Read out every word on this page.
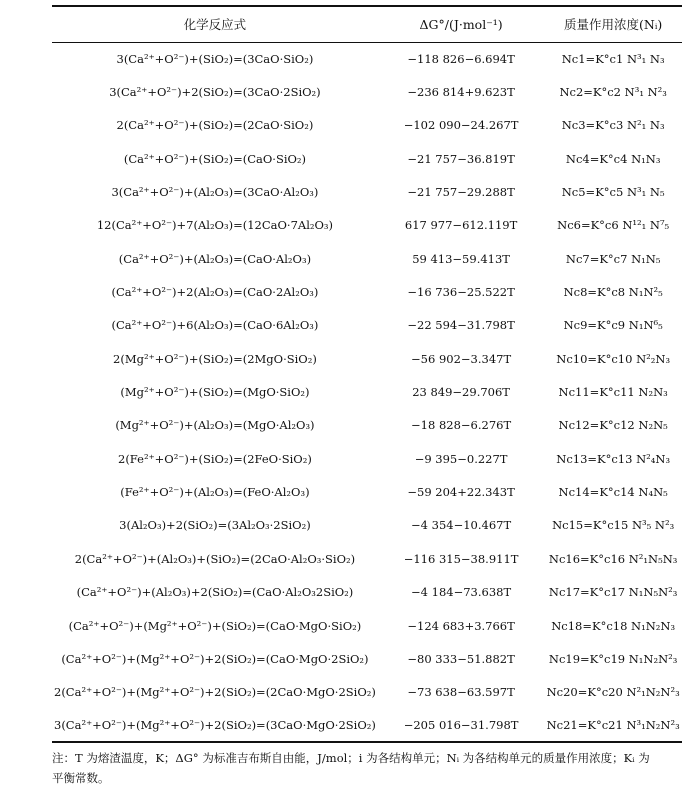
化学反应式	ΔG°/(J·mol⁻¹)	质量作用浓度(Nᵢ)
3(Ca²⁺+O²⁻)+(SiO₂)=(3CaO·SiO₂)	−118 826−6.694T	Nc1=K°c1 N³₁ N₃
3(Ca²⁺+O²⁻)+2(SiO₂)=(3CaO·2SiO₂)	−236 814+9.623T	Nc2=K°c2 N³₁ N²₃
2(Ca²⁺+O²⁻)+(SiO₂)=(2CaO·SiO₂)	−102 090−24.267T	Nc3=K°c3 N²₁ N₃
(Ca²⁺+O²⁻)+(SiO₂)=(CaO·SiO₂)	−21 757−36.819T	Nc4=K°c4 N₁N₃
3(Ca²⁺+O²⁻)+(Al₂O₃)=(3CaO·Al₂O₃)	−21 757−29.288T	Nc5=K°c5 N³₁ N₅
12(Ca²⁺+O²⁻)+7(Al₂O₃)=(12CaO·7Al₂O₃)	617 977−612.119T	Nc6=K°c6 N¹²₁ N⁷₅
(Ca²⁺+O²⁻)+(Al₂O₃)=(CaO·Al₂O₃)	59 413−59.413T	Nc7=K°c7 N₁N₅
(Ca²⁺+O²⁻)+2(Al₂O₃)=(CaO·2Al₂O₃)	−16 736−25.522T	Nc8=K°c8 N₁N²₅
(Ca²⁺+O²⁻)+6(Al₂O₃)=(CaO·6Al₂O₃)	−22 594−31.798T	Nc9=K°c9 N₁N⁶₅
2(Mg²⁺+O²⁻)+(SiO₂)=(2MgO·SiO₂)	−56 902−3.347T	Nc10=K°c10 N²₂N₃
(Mg²⁺+O²⁻)+(SiO₂)=(MgO·SiO₂)	23 849−29.706T	Nc11=K°c11 N₂N₃
(Mg²⁺+O²⁻)+(Al₂O₃)=(MgO·Al₂O₃)	−18 828−6.276T	Nc12=K°c12 N₂N₅
2(Fe²⁺+O²⁻)+(SiO₂)=(2FeO·SiO₂)	−9 395−0.227T	Nc13=K°c13 N²₄N₃
(Fe²⁺+O²⁻)+(Al₂O₃)=(FeO·Al₂O₃)	−59 204+22.343T	Nc14=K°c14 N₄N₅
3(Al₂O₃)+2(SiO₂)=(3Al₂O₃·2SiO₂)	−4 354−10.467T	Nc15=K°c15 N³₅ N²₃
2(Ca²⁺+O²⁻)+(Al₂O₃)+(SiO₂)=(2CaO·Al₂O₃·SiO₂)	−116 315−38.911T	Nc16=K°c16 N²₁N₅N₃
(Ca²⁺+O²⁻)+(Al₂O₃)+2(SiO₂)=(CaO·Al₂O₃2SiO₂)	−4 184−73.638T	Nc17=K°c17 N₁N₅N²₃
(Ca²⁺+O²⁻)+(Mg²⁺+O²⁻)+(SiO₂)=(CaO·MgO·SiO₂)	−124 683+3.766T	Nc18=K°c18 N₁N₂N₃
(Ca²⁺+O²⁻)+(Mg²⁺+O²⁻)+2(SiO₂)=(CaO·MgO·2SiO₂)	−80 333−51.882T	Nc19=K°c19 N₁N₂N²₃
2(Ca²⁺+O²⁻)+(Mg²⁺+O²⁻)+2(SiO₂)=(2CaO·MgO·2SiO₂)	−73 638−63.597T	Nc20=K°c20 N²₁N₂N²₃
3(Ca²⁺+O²⁻)+(Mg²⁺+O²⁻)+2(SiO₂)=(3CaO·MgO·2SiO₂)	−205 016−31.798T	Nc21=K°c21 N³₁N₂N²₃
注：T 为熔渣温度，K；ΔG° 为标准吉布斯自由能，J/mol；i 为各结构单元；Nᵢ 为各结构单元的质量作用浓度；Kᵢ 为
平衡常数。
